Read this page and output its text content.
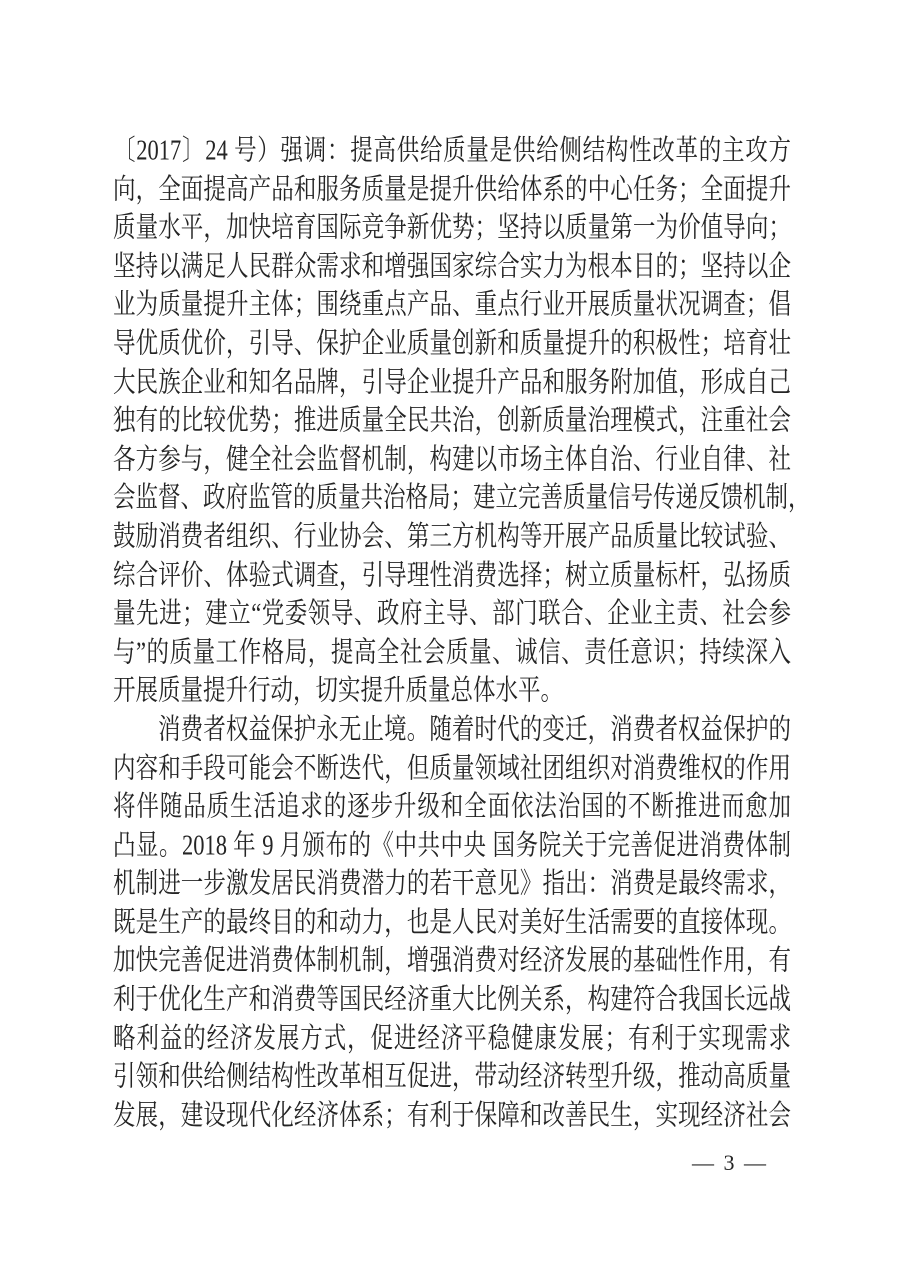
〔2017〕24 号）强调：提高供给质量是供给侧结构性改革的主攻方
向，全面提高产品和服务质量是提升供给体系的中心任务；全面提升
质量水平，加快培育国际竞争新优势；坚持以质量第一为价值导向；
坚持以满足人民群众需求和增强国家综合实力为根本目的；坚持以企
业为质量提升主体；围绕重点产品、重点行业开展质量状况调查；倡
导优质优价，引导、保护企业质量创新和质量提升的积极性；培育壮
大民族企业和知名品牌，引导企业提升产品和服务附加值，形成自己
独有的比较优势；推进质量全民共治，创新质量治理模式，注重社会
各方参与，健全社会监督机制，构建以市场主体自治、行业自律、社
会监督、政府监管的质量共治格局；建立完善质量信号传递反馈机制，
鼓励消费者组织、行业协会、第三方机构等开展产品质量比较试验、
综合评价、体验式调查，引导理性消费选择；树立质量标杆，弘扬质
量先进；建立“党委领导、政府主导、部门联合、企业主责、社会参
与”的质量工作格局，提高全社会质量、诚信、责任意识；持续深入
开展质量提升行动，切实提升质量总体水平。
消费者权益保护永无止境。随着时代的变迁，消费者权益保护的
内容和手段可能会不断迭代，但质量领域社团组织对消费维权的作用
将伴随品质生活追求的逐步升级和全面依法治国的不断推进而愈加
凸显。2018 年 9 月颁布的《中共中央 国务院关于完善促进消费体制
机制进一步激发居民消费潜力的若干意见》指出：消费是最终需求，
既是生产的最终目的和动力，也是人民对美好生活需要的直接体现。
加快完善促进消费体制机制，增强消费对经济发展的基础性作用，有
利于优化生产和消费等国民经济重大比例关系，构建符合我国长远战
略利益的经济发展方式，促进经济平稳健康发展；有利于实现需求
引领和供给侧结构性改革相互促进，带动经济转型升级，推动高质量
发展，建设现代化经济体系；有利于保障和改善民生，实现经济社会
— 3 —
